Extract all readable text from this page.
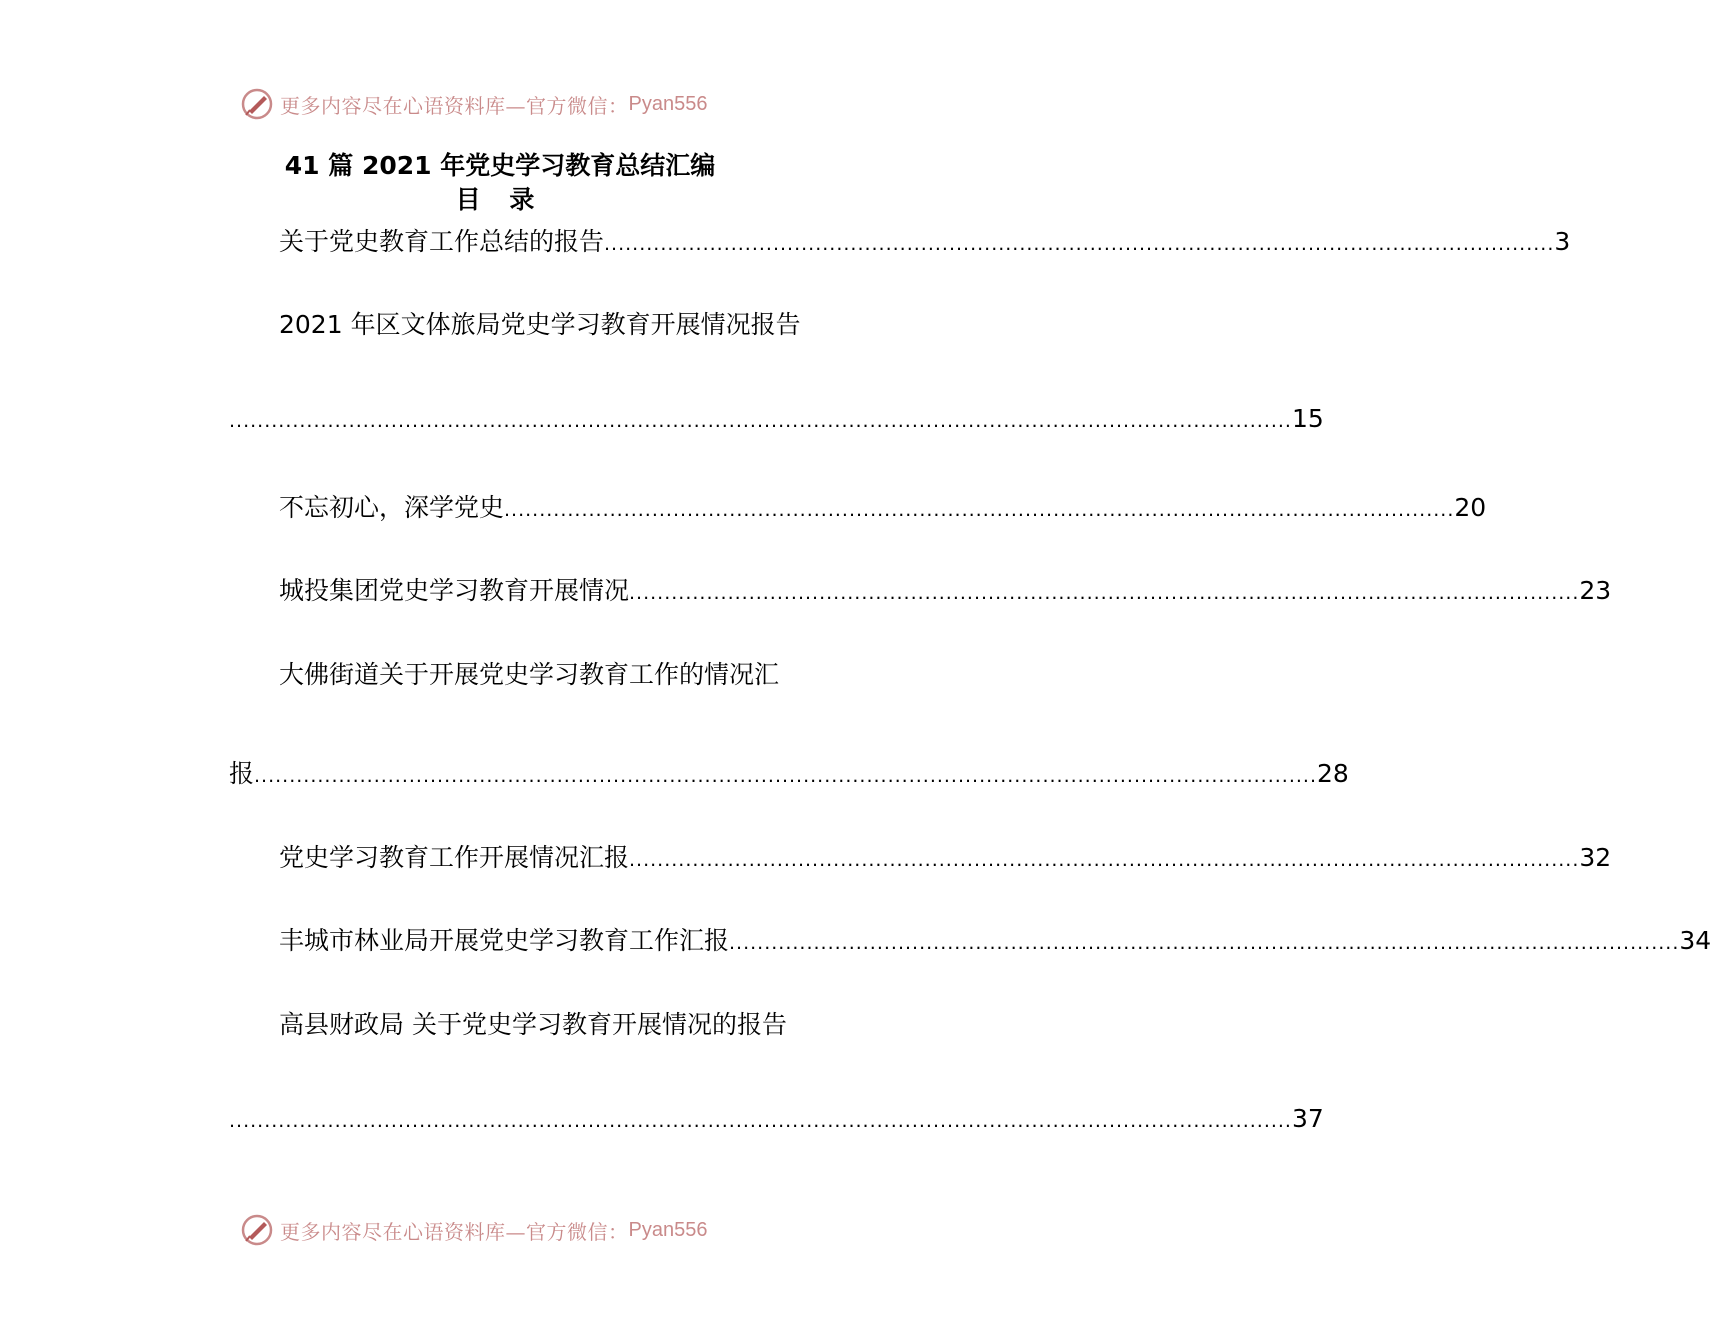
更多内容尽在心语资料库—官方微信： Pyan556
41 篇 2021 年党史学习教育总结汇编
目 录
关于党史教育工作总结的报告 ....................................................................................................................................... 3
2021 年区文体旅局党史学习教育开展情况报告
....................................................................................................................................................... 15
不忘初心，深学党史 ....................................................................................................................................... 20
城投集团党史学习教育开展情况 ....................................................................................................................................... 23
大佛街道关于开展党史学习教育工作的情况汇
报 ....................................................................................................................................................... 28
党史学习教育工作开展情况汇报 ....................................................................................................................................... 32
丰城市林业局开展党史学习教育工作汇报 ....................................................................................................................................... 34
高县财政局 关于党史学习教育开展情况的报告
....................................................................................................................................................... 37
更多内容尽在心语资料库—官方微信： Pyan556
